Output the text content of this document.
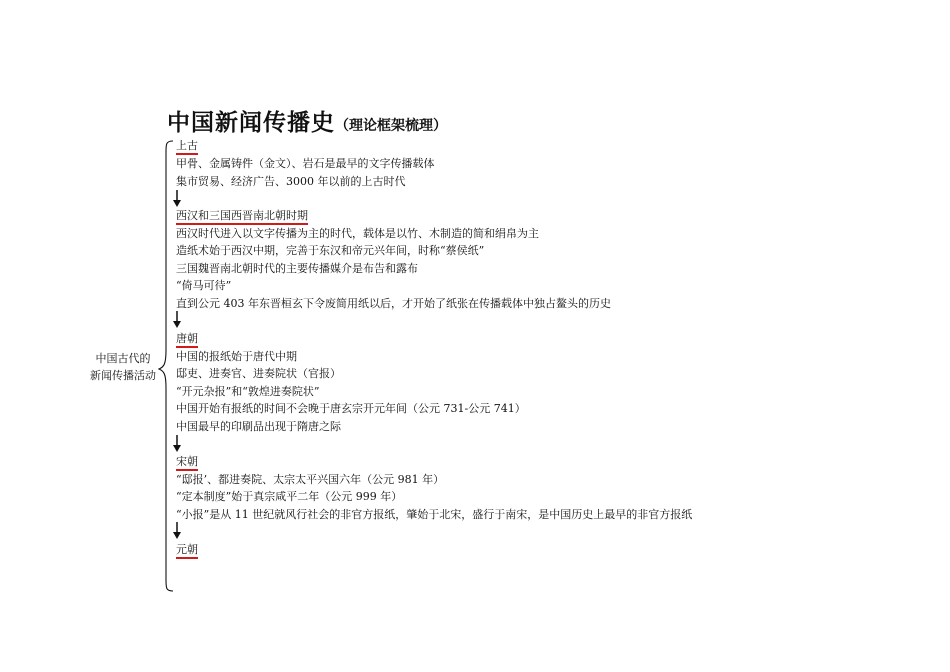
中国新闻传播史（理论框架梳理）
中国古代的
新闻传播活动
上古
甲骨、金属铸件（金文）、岩石是最早的文字传播载体
集市贸易、经济广告、3000 年以前的上古时代
西汉和三国西晋南北朝时期
西汉时代进入以文字传播为主的时代，载体是以竹、木制造的简和绢帛为主
造纸术始于西汉中期，完善于东汉和帝元兴年间，时称“蔡侯纸”
三国魏晋南北朝时代的主要传播媒介是布告和露布
“倚马可待”
直到公元 403 年东晋桓玄下令废简用纸以后，才开始了纸张在传播载体中独占鳌头的历史
唐朝
中国的报纸始于唐代中期
邸吏、进奏官、进奏院状（官报）
“开元杂报”和“敦煌进奏院状”
中国开始有报纸的时间不会晚于唐玄宗开元年间（公元 731-公元 741）
中国最早的印刷品出现于隋唐之际
宋朝
“邸报’、都进奏院、太宗太平兴国六年（公元 981 年）
“定本制度”始于真宗咸平二年（公元 999 年）
“小报”是从 11 世纪就风行社会的非官方报纸，肇始于北宋，盛行于南宋，是中国历史上最早的非官方报纸
元朝
